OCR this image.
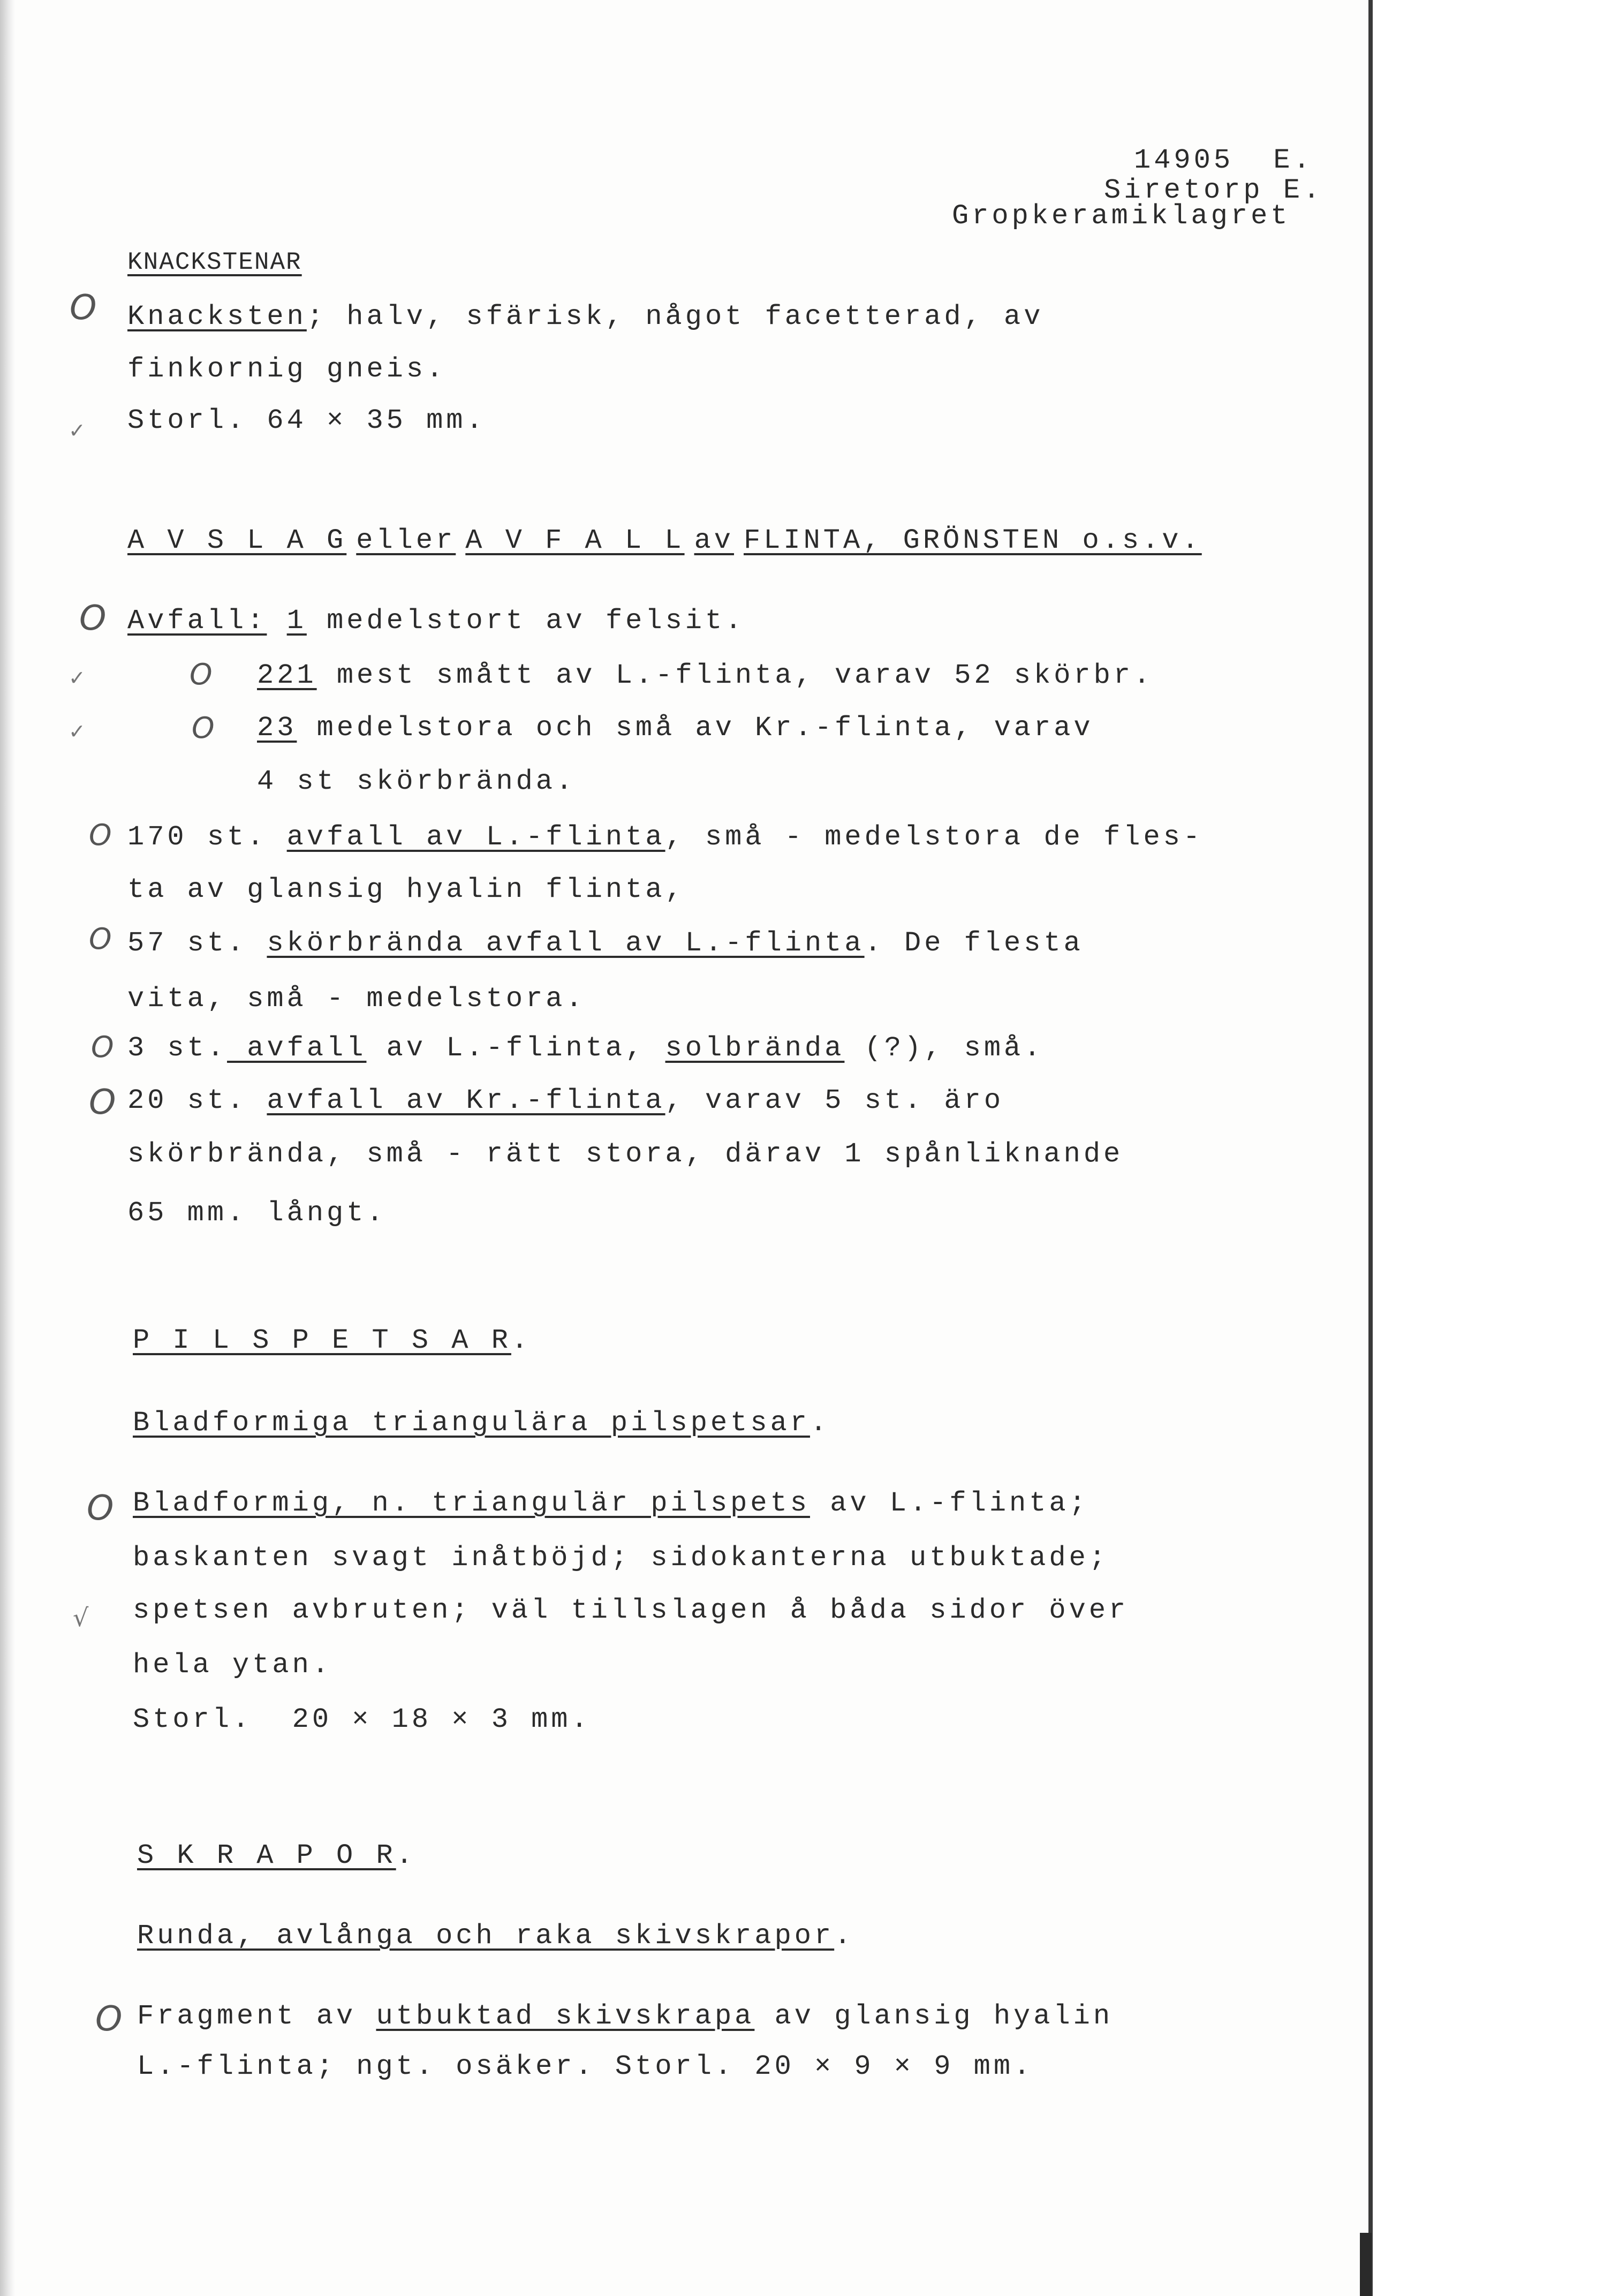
14905  E.
Siretorp E.
Gropkeramiklagret
KNACKSTENAR
O Knacksten; halv, sfärisk, något facetterad, av
finkornig gneis.
✓ Storl. 64 × 35 mm.
A V S L A G eller A V F A L L av FLINTA, GRÖNSTEN o.s.v.
O Avfall: 1 medelstort av felsit.
✓	O 221 mest smått av L.-flinta, varav 52 skörbr.
✓	O 23 medelstora och små av Kr.-flinta, varav
4 st skörbrända.
O 170 st. avfall av L.-flinta, små - medelstora de fles-
ta av glansig hyalin flinta,
O 57 st. skörbrända avfall av L.-flinta. De flesta
vita, små - medelstora.
O 3 st. avfall av L.-flinta, solbrända (?), små.
O 20 st. avfall av Kr.-flinta, varav 5 st. äro
skörbrända, små - rätt stora, därav 1 spånliknande
65 mm. långt.
P I L S P E T S A R.
Bladformiga triangulära pilspetsar.
O Bladformig, n. triangulär pilspets av L.-flinta;
baskanten svagt inåtböjd; sidokanterna utbuktade;
√ spetsen avbruten; väl tillslagen å båda sidor över
hela ytan.
Storl.  20 × 18 × 3 mm.
S K R A P O R.
Runda, avlånga och raka skivskrapor.
O Fragment av utbuktad skivskrapa av glansig hyalin
L.-flinta; ngt. osäker. Storl. 20 × 9 × 9 mm.
